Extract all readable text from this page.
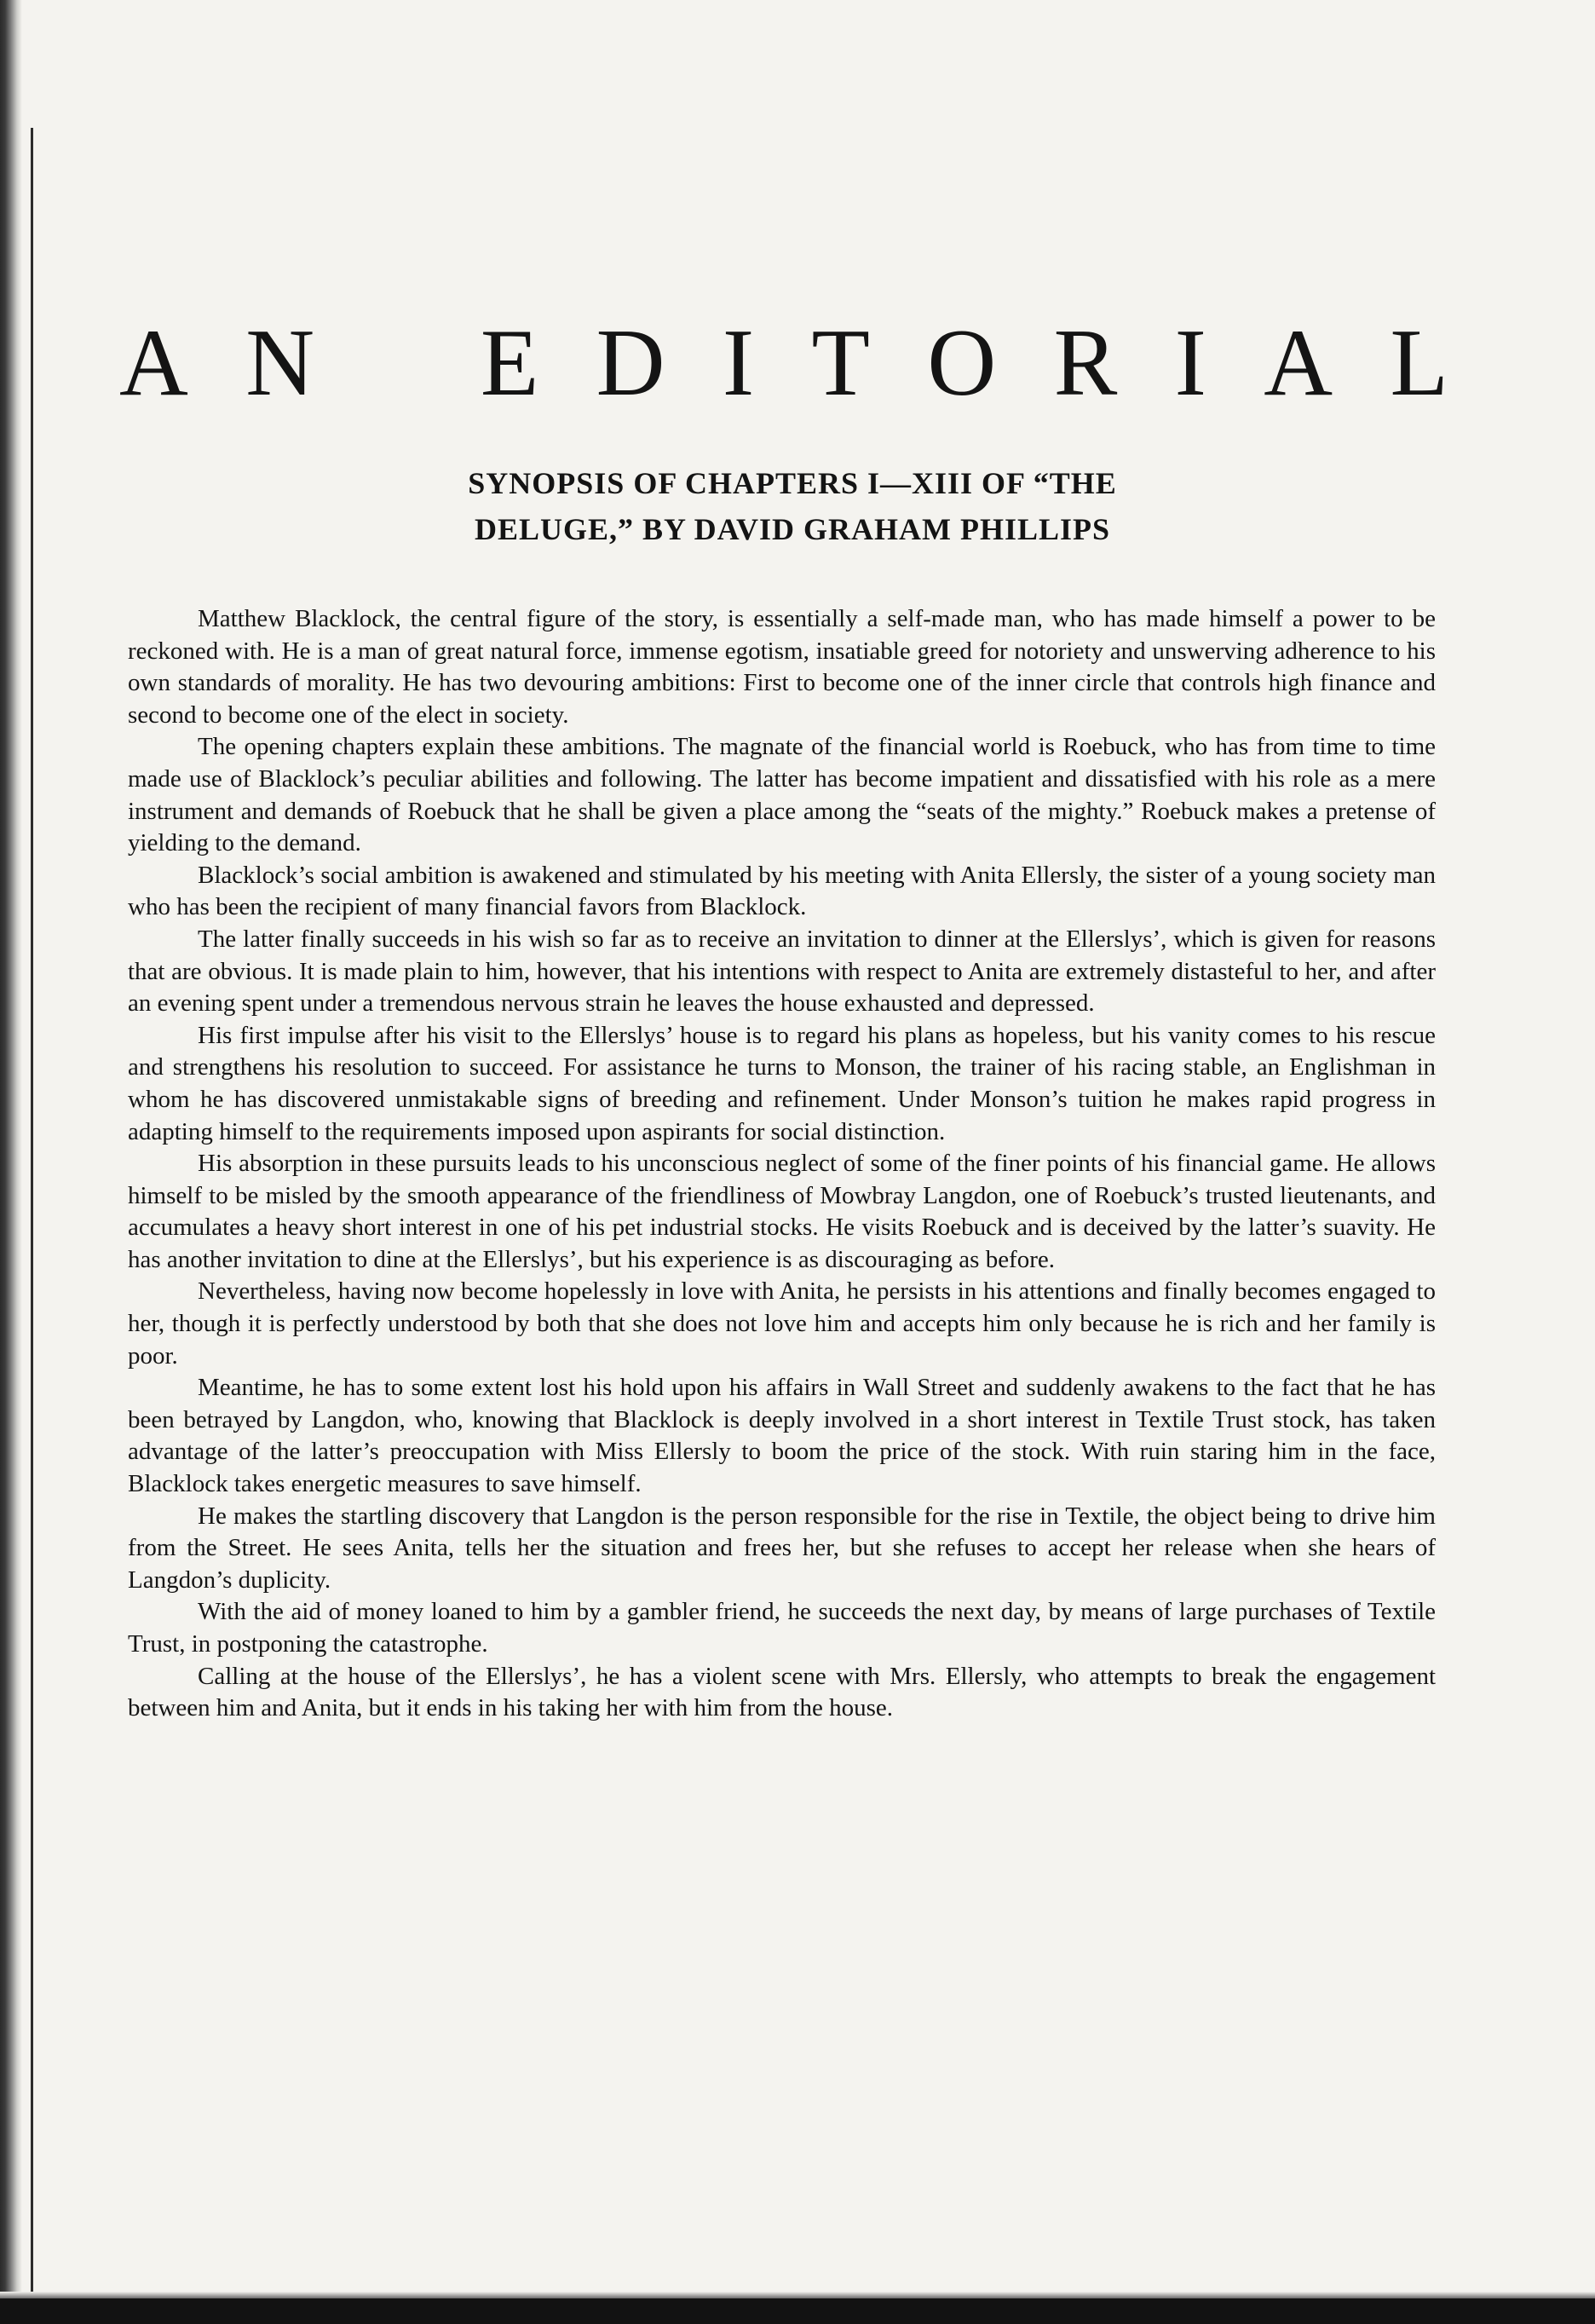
A N E D I T O R I A L
SYNOPSIS OF CHAPTERS I—XIII OF “THE
DELUGE,” BY DAVID GRAHAM PHILLIPS

Matthew Blacklock, the central figure of the story, is essentially a self-made man, who has made himself a power to be reckoned with. He is a man of great natural force, immense egotism, insatiable greed for notoriety and unswerving adherence to his own standards of morality. He has two devouring ambitions: First to become one of the inner circle that controls high finance and second to become one of the elect in society.

The opening chapters explain these ambitions. The magnate of the financial world is Roebuck, who has from time to time made use of Blacklock’s peculiar abilities and following. The latter has become impatient and dissatisfied with his role as a mere instrument and demands of Roebuck that he shall be given a place among the “seats of the mighty.” Roebuck makes a pretense of yielding to the demand.

Blacklock’s social ambition is awakened and stimulated by his meeting with Anita Ellersly, the sister of a young society man who has been the recipient of many financial favors from Blacklock.

The latter finally succeeds in his wish so far as to receive an invitation to dinner at the Ellerslys’, which is given for reasons that are obvious. It is made plain to him, however, that his intentions with respect to Anita are extremely distasteful to her, and after an evening spent under a tremendous nervous strain he leaves the house exhausted and depressed.

His first impulse after his visit to the Ellerslys’ house is to regard his plans as hopeless, but his vanity comes to his rescue and strengthens his resolution to succeed. For assistance he turns to Monson, the trainer of his racing stable, an Englishman in whom he has discovered unmistakable signs of breeding and refinement. Under Monson’s tuition he makes rapid progress in adapting himself to the requirements imposed upon aspirants for social distinction.

His absorption in these pursuits leads to his unconscious neglect of some of the finer points of his financial game. He allows himself to be misled by the smooth appearance of the friendliness of Mowbray Langdon, one of Roebuck’s trusted lieutenants, and accumulates a heavy short interest in one of his pet industrial stocks. He visits Roebuck and is deceived by the latter’s suavity. He has another invitation to dine at the Ellerslys’, but his experience is as discouraging as before.

Nevertheless, having now become hopelessly in love with Anita, he persists in his attentions and finally becomes engaged to her, though it is perfectly understood by both that she does not love him and accepts him only because he is rich and her family is poor.

Meantime, he has to some extent lost his hold upon his affairs in Wall Street and suddenly awakens to the fact that he has been betrayed by Langdon, who, knowing that Blacklock is deeply involved in a short interest in Textile Trust stock, has taken advantage of the latter’s preoccupation with Miss Ellersly to boom the price of the stock. With ruin staring him in the face, Blacklock takes energetic measures to save himself.

He makes the startling discovery that Langdon is the person responsible for the rise in Textile, the object being to drive him from the Street. He sees Anita, tells her the situation and frees her, but she refuses to accept her release when she hears of Langdon’s duplicity.

With the aid of money loaned to him by a gambler friend, he succeeds the next day, by means of large purchases of Textile Trust, in postponing the catastrophe.

Calling at the house of the Ellerslys’, he has a violent scene with Mrs. Ellersly, who attempts to break the engagement between him and Anita, but it ends in his taking her with him from the house.
